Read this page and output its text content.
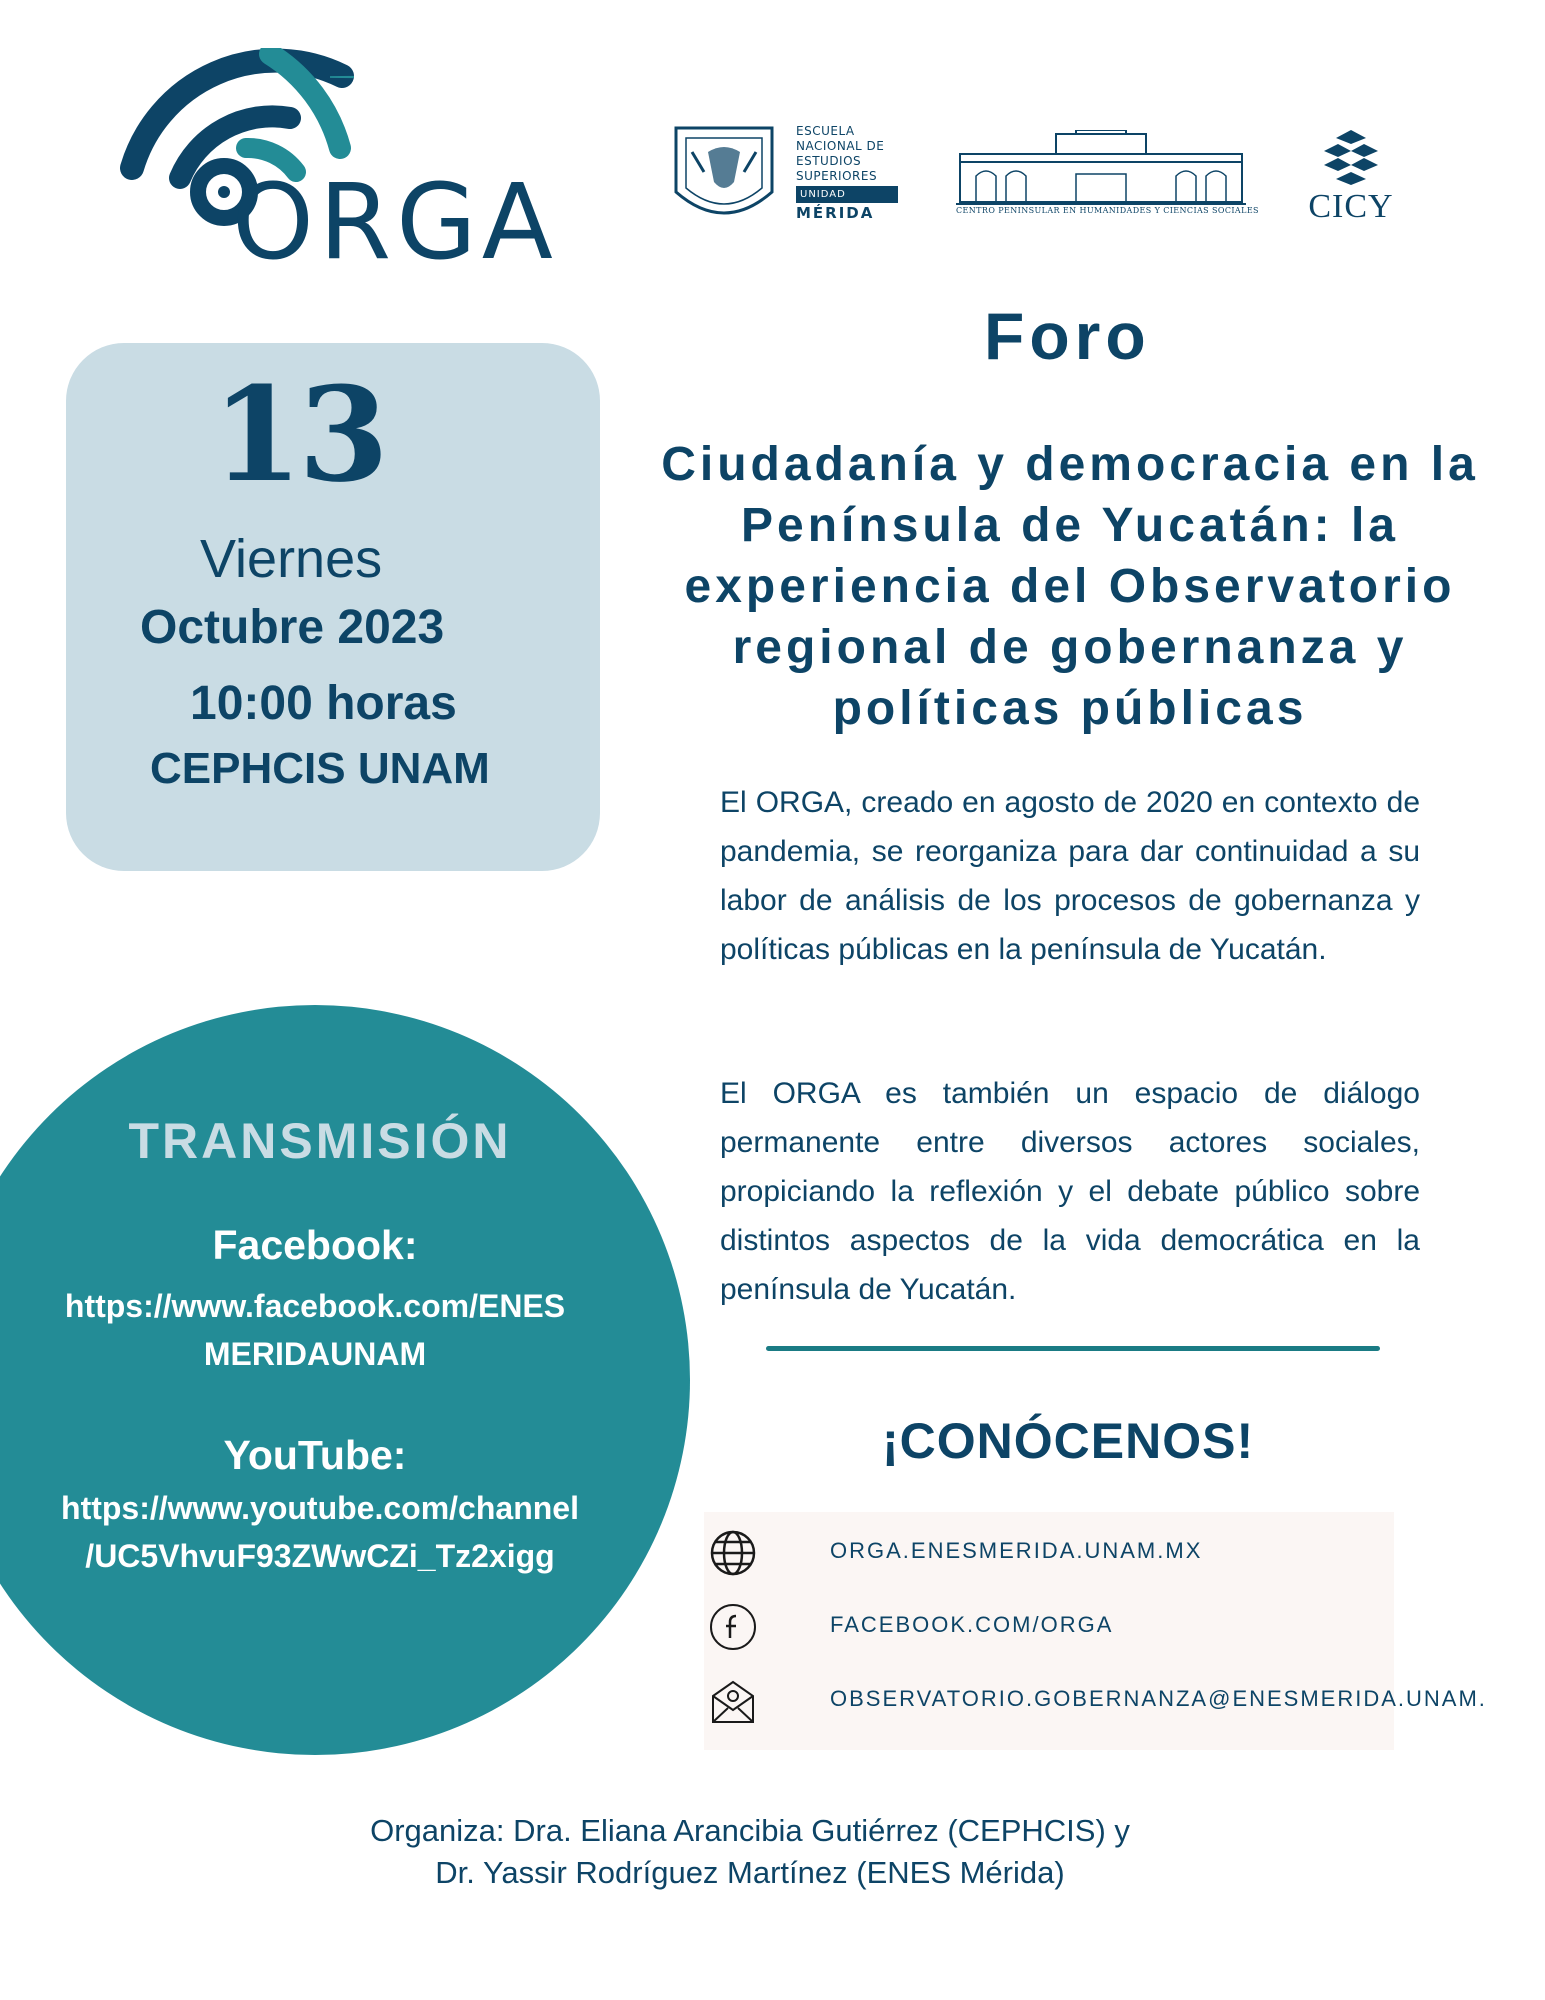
ORGA
ESCUELA
NACIONAL DE
ESTUDIOS
SUPERIORES
UNIDAD
MÉRIDA	CENTRO PENINSULAR EN HUMANIDADES Y CIENCIAS SOCIALES	CICY
13
Viernes
Octubre 2023
10:00 horas
CEPHCIS UNAM
Foro
Ciudadanía y democracia en la Península de Yucatán: la experiencia del Observatorio regional de gobernanza y políticas públicas
El ORGA, creado en agosto de 2020 en contexto de pandemia, se reorganiza para dar continuidad a su labor de análisis de los procesos de gobernanza y políticas públicas en la península de Yucatán.
El ORGA es también un espacio de diálogo permanente entre diversos actores sociales, propiciando la reflexión y el debate público sobre distintos aspectos de la vida democrática en la península de Yucatán.
¡CONÓCENOS!
ORGA.ENESMERIDA.UNAM.MX
FACEBOOK.COM/ORGA
OBSERVATORIO.GOBERNANZA@ENESMERIDA.UNAM.
TRANSMISIÓN
Facebook:
https://www.facebook.com/ENES MERIDAUNAM
YouTube:
https://www.youtube.com/channel /UC5VhvuF93ZWwCZi_Tz2xigg
Organiza: Dra. Eliana Arancibia Gutiérrez (CEPHCIS) y
Dr. Yassir Rodríguez Martínez (ENES Mérida)
